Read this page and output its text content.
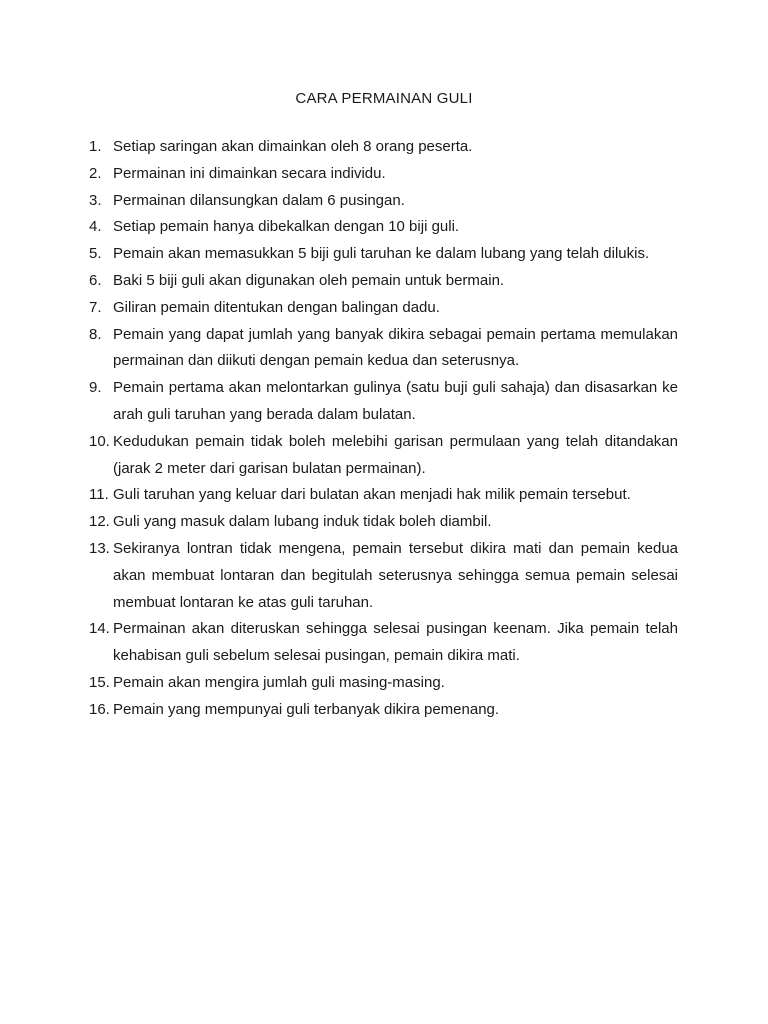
CARA PERMAINAN GULI
1. Setiap saringan akan dimainkan oleh 8 orang peserta.
2. Permainan ini dimainkan secara individu.
3. Permainan dilansungkan dalam 6 pusingan.
4. Setiap pemain hanya dibekalkan dengan 10 biji guli.
5. Pemain akan memasukkan 5 biji guli taruhan ke dalam lubang yang telah dilukis.
6. Baki 5 biji guli akan digunakan oleh pemain untuk bermain.
7. Giliran pemain ditentukan dengan balingan dadu.
8. Pemain yang dapat jumlah yang banyak dikira sebagai pemain pertama memulakan permainan dan diikuti dengan pemain kedua dan seterusnya.
9. Pemain pertama akan melontarkan gulinya (satu buji guli sahaja) dan disasarkan ke arah guli taruhan yang berada dalam bulatan.
10. Kedudukan pemain tidak boleh melebihi garisan permulaan yang telah ditandakan (jarak 2 meter dari garisan bulatan permainan).
11. Guli taruhan yang keluar dari bulatan akan menjadi hak milik pemain tersebut.
12. Guli yang masuk dalam lubang induk tidak boleh diambil.
13. Sekiranya lontran tidak mengena, pemain tersebut dikira mati dan pemain kedua akan membuat lontaran dan begitulah seterusnya sehingga semua pemain selesai membuat lontaran ke atas guli taruhan.
14. Permainan akan diteruskan sehingga selesai pusingan keenam. Jika pemain telah kehabisan guli sebelum selesai pusingan, pemain dikira mati.
15. Pemain akan mengira jumlah guli masing-masing.
16. Pemain yang mempunyai guli terbanyak dikira pemenang.
